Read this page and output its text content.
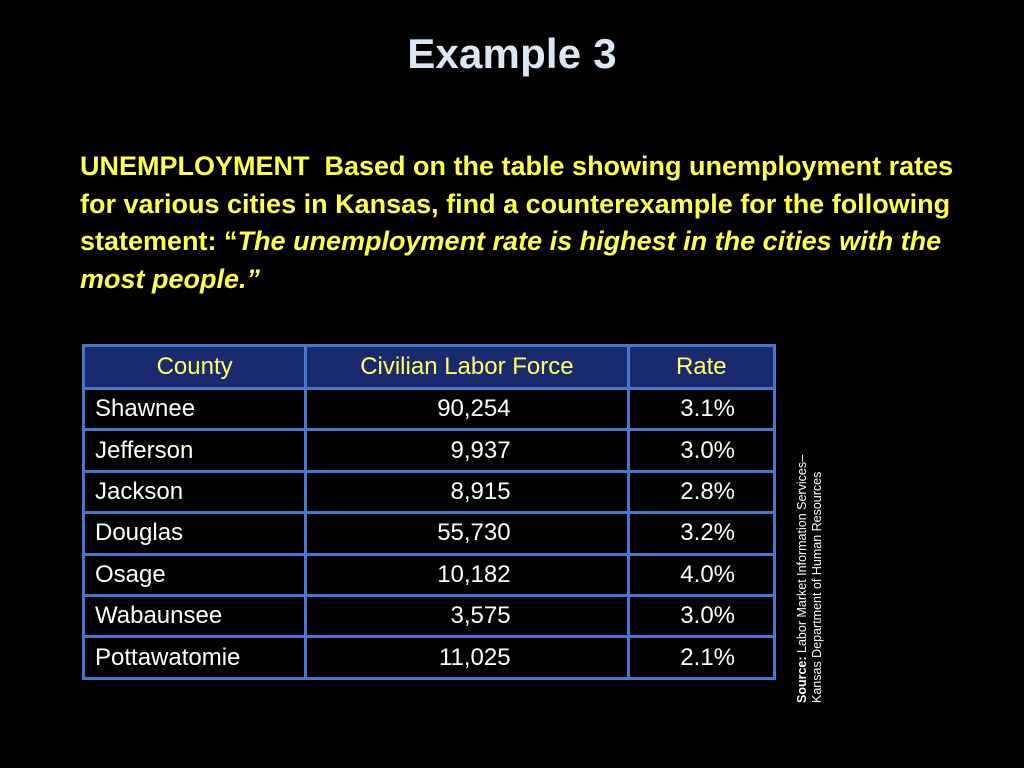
Example 3
UNEMPLOYMENT  Based on the table showing unemployment rates for various cities in Kansas, find a counterexample for the following statement: “The unemployment rate is highest in the cities with the most people.”
County	Civilian Labor Force	Rate
Shawnee	90,254	3.1%
Jefferson	9,937	3.0%
Jackson	8,915	2.8%
Douglas	55,730	3.2%
Osage	10,182	4.0%
Wabaunsee	3,575	3.0%
Pottawatomie	11,025	2.1%	Source: Labor Market Information Services– Kansas Department of Human Resources
